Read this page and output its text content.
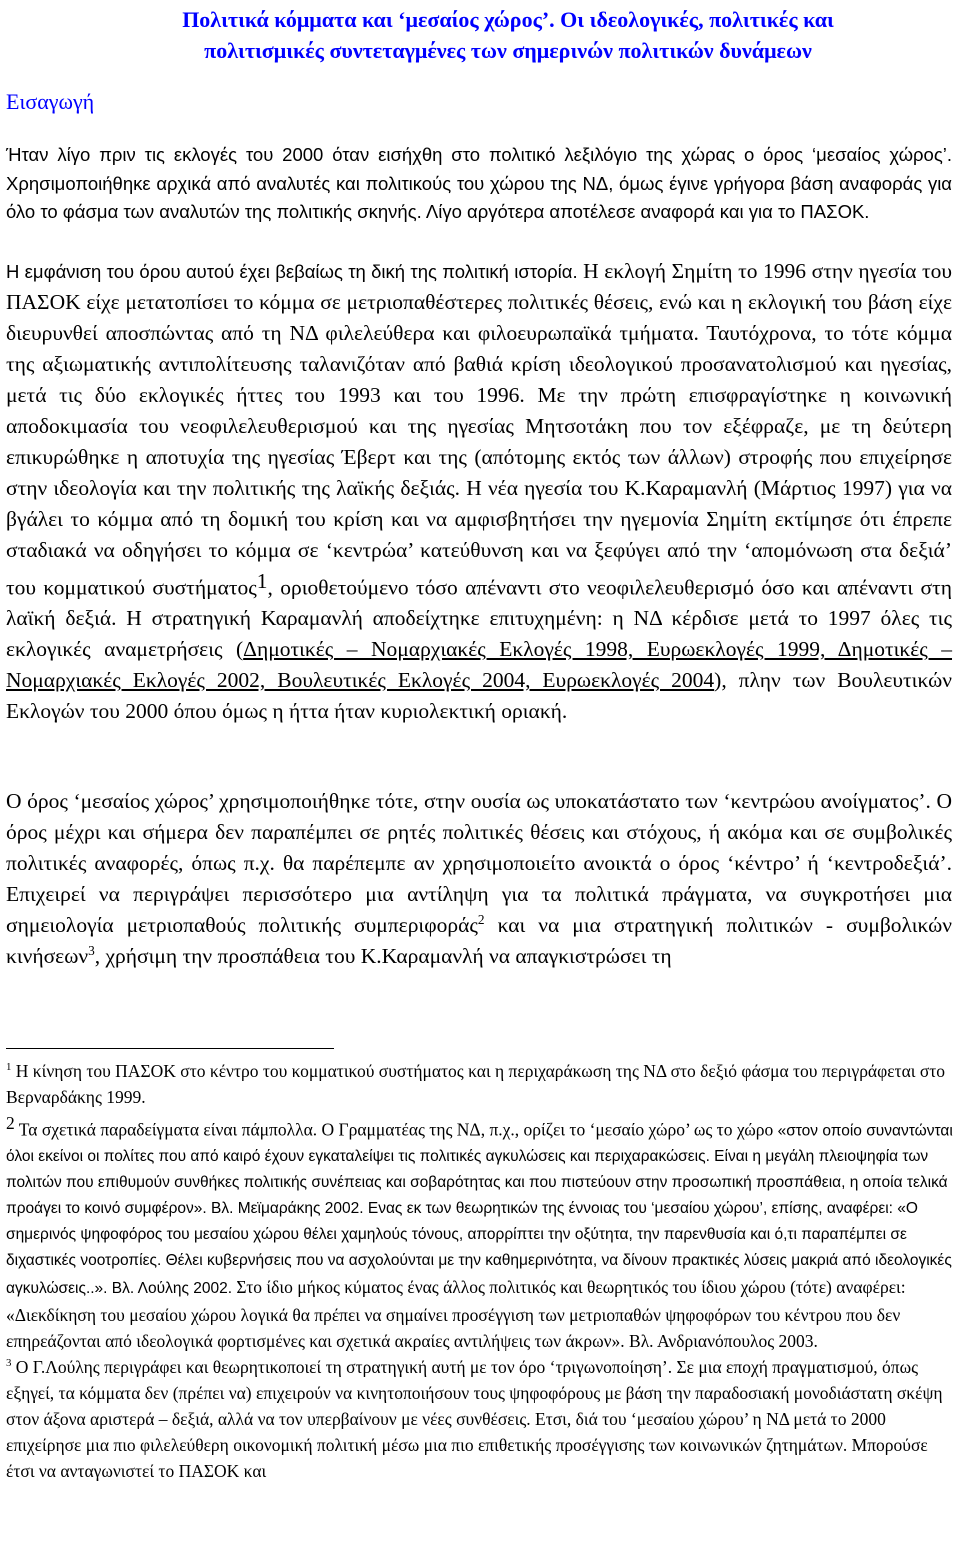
Πολιτικά κόμματα και ‘μεσαίος χώρος’. Οι ιδεολογικές, πολιτικές και
πολιτισμικές συντεταγμένες των σημερινών πολιτικών δυνάμεων
Εισαγωγή

Ήταν λίγο πριν τις εκλογές του 2000 όταν εισήχθη στο πολιτικό λεξιλόγιο της χώρας ο όρος ‘μεσαίος χώρος’. Χρησιμοποιήθηκε αρχικά από αναλυτές και πολιτικούς του χώρου της ΝΔ, όμως έγινε γρήγορα βάση αναφοράς για όλο το φάσμα των αναλυτών της πολιτικής σκηνής. Λίγο αργότερα αποτέλεσε αναφορά και για το ΠΑΣΟΚ.

Η εμφάνιση του όρου αυτού έχει βεβαίως τη δική της πολιτική ιστορία. Η εκλογή Σημίτη το 1996 στην ηγεσία του ΠΑΣΟΚ είχε μετατοπίσει το κόμμα σε μετριοπαθέστερες πολιτικές θέσεις, ενώ και η εκλογική του βάση είχε διευρυνθεί αποσπώντας από τη ΝΔ φιλελεύθερα και φιλοευρωπαϊκά τμήματα. Ταυτόχρονα, το τότε κόμμα της αξιωματικής αντιπολίτευσης ταλανιζόταν από βαθιά κρίση ιδεολογικού προσανατολισμού και ηγεσίας, μετά τις δύο εκλογικές ήττες του 1993 και του 1996. Με την πρώτη επισφραγίστηκε η κοινωνική αποδοκιμασία του νεοφιλελευθερισμού και της ηγεσίας Μητσοτάκη που τον εξέφραζε, με τη δεύτερη επικυρώθηκε η αποτυχία της ηγεσίας Έβερτ και της (απότομης εκτός των άλλων) στροφής που επιχείρησε στην ιδεολογία και την πολιτικής της λαϊκής δεξιάς. Η νέα ηγεσία του Κ.Καραμανλή (Μάρτιος 1997) για να βγάλει το κόμμα από τη δομική του κρίση και να αμφισβητήσει την ηγεμονία Σημίτη εκτίμησε ότι έπρεπε σταδιακά να οδηγήσει το κόμμα σε ‘κεντρώα’ κατεύθυνση και να ξεφύγει από την ‘απομόνωση στα δεξιά’ του κομματικού συστήματος$^1$, οριοθετούμενο τόσο απέναντι στο νεοφιλελευθερισμό όσο και απέναντι στη λαϊκή δεξιά. Η στρατηγική Καραμανλή αποδείχτηκε επιτυχημένη: η ΝΔ κέρδισε μετά το 1997 όλες τις εκλογικές αναμετρήσεις (Δημοτικές – Νομαρχιακές Εκλογές 1998, Ευρωεκλογές 1999, Δημοτικές – Νομαρχιακές Εκλογές 2002, Βουλευτικές Εκλογές 2004, Ευρωεκλογές 2004), πλην των Βουλευτικών Εκλογών του 2000 όπου όμως η ήττα ήταν κυριολεκτική οριακή.

Ο όρος ‘μεσαίος χώρος’ χρησιμοποιήθηκε τότε, στην ουσία ως υποκατάστατο των ‘κεντρώου ανοίγματος’. Ο όρος μέχρι και σήμερα δεν παραπέμπει σε ρητές πολιτικές θέσεις και στόχους, ή ακόμα και σε συμβολικές πολιτικές αναφορές, όπως π.χ. θα παρέπεμπε αν χρησιμοποιείτο ανοικτά ο όρος ‘κέντρο’ ή ‘κεντροδεξιά’. Επιχειρεί να περιγράψει περισσότερο μια αντίληψη για τα πολιτικά πράγματα, να συγκροτήσει μια σημειολογία μετριοπαθούς πολιτικής συμπεριφοράς$^2$ και να μια στρατηγική πολιτικών - συμβολικών κινήσεων$^3$, χρήσιμη την προσπάθεια του Κ.Καραμανλή να απαγκιστρώσει τη

$^1$ Η κίνηση του ΠΑΣΟΚ στο κέντρο του κομματικού συστήματος και η περιχαράκωση της ΝΔ στο δεξιό φάσμα του περιγράφεται στο Βερναρδάκης 1999.

$^2$ Τα σχετικά παραδείγματα είναι πάμπολλα. Ο Γραμματέας της ΝΔ, π.χ., ορίζει το ‘μεσαίο χώρο’ ως το χώρο «στον οποίο συναντώνται όλοι εκείνοι οι πολίτες που από καιρό έχουν εγκαταλείψει τις πολιτικές αγκυλώσεις και περιχαρακώσεις. Είναι η μεγάλη πλειοψηφία των πολιτών που επιθυμούν συνθήκες πολιτικής συνέπειας και σοβαρότητας και που πιστεύουν στην προσωπική προσπάθεια, η οποία τελικά προάγει το κοινό συμφέρον». Βλ. Μεϊμαράκης 2002. Ενας εκ των θεωρητικών της έννοιας του ‘μεσαίου χώρου’, επίσης, αναφέρει: «Ο σημερινός ψηφοφόρος του μεσαίου χώρου θέλει χαμηλούς τόνους, απορρίπτει την οξύτητα, την παρενθυσία και ό,τι παραπέμπει σε διχαστικές νοοτροπίες. Θέλει κυβερνήσεις που να ασχολούνται με την καθημερινότητα, να δίνουν πρακτικές λύσεις μακριά από ιδεολογικές αγκυλώσεις..». Βλ. Λούλης 2002. Στο ίδιο μήκος κύματος ένας άλλος πολιτικός και θεωρητικός του ίδιου χώρου (τότε) αναφέρει: «Διεκδίκηση του μεσαίου χώρου λογικά θα πρέπει να σημαίνει προσέγγιση των μετριοπαθών ψηφοφόρων του κέντρου που δεν επηρεάζονται από ιδεολογικά φορτισμένες και σχετικά ακραίες αντιλήψεις των άκρων». Βλ. Ανδριανόπουλος 2003.

$^3$ Ο Γ.Λούλης περιγράφει και θεωρητικοποιεί τη στρατηγική αυτή με τον όρο ‘τριγωνοποίηση’. Σε μια εποχή πραγματισμού, όπως εξηγεί, τα κόμματα δεν (πρέπει να) επιχειρούν να κινητοποιήσουν τους ψηφοφόρους με βάση την παραδοσιακή μονοδιάστατη σκέψη στον άξονα αριστερά – δεξιά, αλλά να τον υπερβαίνουν με νέες συνθέσεις. Ετσι, διά του ‘μεσαίου χώρου’ η ΝΔ μετά το 2000 επιχείρησε μια πιο φιλελεύθερη οικονομική πολιτική μέσω μια πιο επιθετικής προσέγγισης των κοινωνικών ζητημάτων. Μπορούσε έτσι να ανταγωνιστεί το ΠΑΣΟΚ και
